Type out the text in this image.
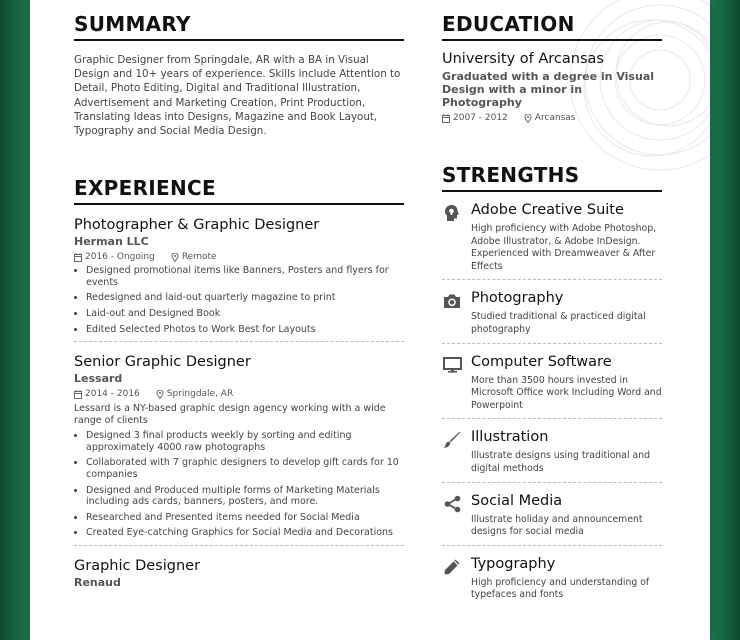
SUMMARY
Graphic Designer from Springdale, AR with a BA in Visual Design and 10+ years of experience. Skills include Attention to Detail, Photo Editing, Digital and Traditional Illustration, Advertisement and Marketing Creation, Print Production, Translating Ideas into Designs, Magazine and Book Layout, Typography and Social Media Design.
EXPERIENCE
Photographer & Graphic Designer
Herman LLC
2016 - Ongoing	Remote
• Designed promotional items like Banners, Posters and flyers for events
• Redesigned and laid-out quarterly magazine to print
• Laid-out and Designed Book
• Edited Selected Photos to Work Best for Layouts
Senior Graphic Designer
Lessard
2014 - 2016	Springdale, AR
Lessard is a NY-based graphic design agency working with a wide range of clients
• Designed 3 final products weekly by sorting and editing approximately 4000 raw photographs
• Collaborated with 7 graphic designers to develop gift cards for 10 companies
• Designed and Produced multiple forms of Marketing Materials including ads cards, banners, posters, and more.
• Researched and Presented items needed for Social Media
• Created Eye-catching Graphics for Social Media and Decorations
Graphic Designer
Renaud
EDUCATION
University of Arcansas
Graduated with a degree in Visual Design with a minor in Photography
2007 - 2012	Arcansas
STRENGTHS
Adobe Creative Suite
High proficiency with Adobe Photoshop, Adobe Illustrator, & Adobe InDesign. Experienced with Dreamweaver & After Effects
Photography
Studied traditional & practiced digital photography
Computer Software
More than 3500 hours invested in Microsoft Office work Including Word and Powerpoint
Illustration
Illustrate designs using traditional and digital methods
Social Media
Illustrate holiday and announcement designs for social media
Typography
High proficiency and understanding of typefaces and fonts
